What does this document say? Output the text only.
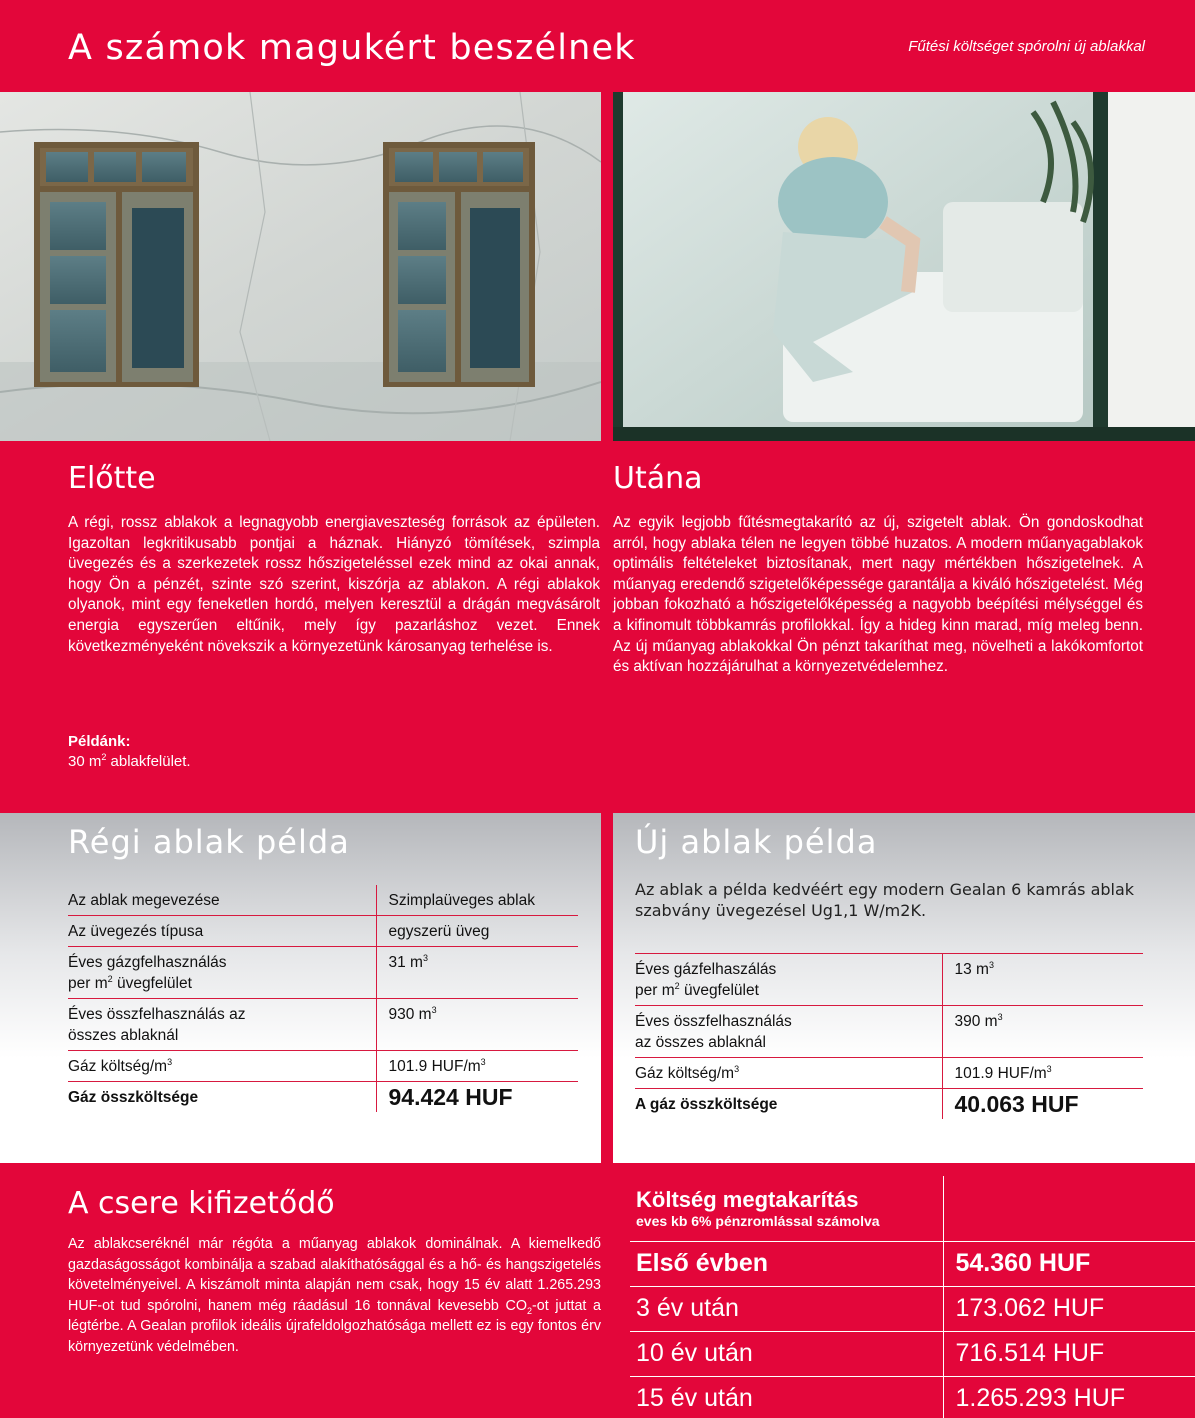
A számok magukért beszélnek	Fűtési költséget spórolni új ablakkal
Előtte
A régi, rossz ablakok a legnagyobb energiaveszteség források az épületen. Igazoltan legkritikusabb pontjai a háznak. Hiányzó tömítések, szimpla üvegezés és a szerkezetek rossz hőszigeteléssel ezek mind az okai annak, hogy Ön a pénzét, szinte szó szerint, kiszórja az ablakon. A régi ablakok olyanok, mint egy feneketlen hordó, melyen keresztül a drágán megvásárolt energia egyszerűen eltűnik, mely így pazarláshoz vezet. Ennek következményeként növekszik a környezetünk károsanyag terhelése is.
Példánk:
30 $m^2$ ablakfelület.
Utána
Az egyik legjobb fűtésmegtakarító az új, szigetelt ablak. Ön gondoskodhat arról, hogy ablaka télen ne legyen többé huzatos. A modern műanyagablakok optimális feltételeket biztosítanak, mert nagy mértékben hőszigetelnek. A műanyag eredendő szigetelőképessége garantálja a kiváló hőszigetelést. Még jobban fokozható a hőszigetelőképesség a nagyobb beépítési mélységgel és a kifinomult többkamrás profilokkal. Így a hideg kinn marad, míg meleg benn. Az új műanyag ablakokkal Ön pénzt takaríthat meg, növelheti a lakókomfortot és aktívan hozzájárulhat a környezetvédelemhez.
Régi ablak példa
Az ablak megevezése	Szimplaüveges ablak
Az üvegezés típusa	egyszerü üveg
Éves gázgfelhasználás
per $m^2$ üvegfelület	31 $m^3$
Éves összfelhasználás az
összes ablaknál	930 $m^3$
Gáz költség/$m^3$	101.9 HUF/$m^3$
Gáz összköltsége	94.424 HUF
Új ablak példa
Az ablak a példa kedvéért egy modern Gealan 6 kamrás ablak szabvány üvegezésel Ug1,1 W/m2K.
Éves gázfelhaszálás
per $m^2$ üvegfelület	13 $m^3$
Éves összfelhasználás
az összes ablaknál	390 $m^3$
Gáz költség/$m^3$	101.9 HUF/$m^3$
A gáz összköltsége	40.063 HUF
A csere kifizetődő
Az ablakcseréknél már régóta a műanyag ablakok dominálnak. A kiemelkedő gazdaságosságot kombinálja a szabad alakíthatósággal és a hő- és hangszigetelés követelményeivel. A kiszámolt minta alapján nem csak, hogy 15 év alatt 1.265.293 HUF-ot tud spórolni, hanem még ráadásul 16 tonnával kevesebb $CO_2-ot$ juttat a légtérbe. A Gealan profilok ideális újrafeldolgozhatósága mellett ez is egy fontos érv környezetünk védelmében.
Költség megtakarítás
eves kb 6% pénzromlással számolva	

Első évben	54.360 HUF
3 év után	173.062 HUF
10 év után	716.514 HUF
15 év után	1.265.293 HUF
